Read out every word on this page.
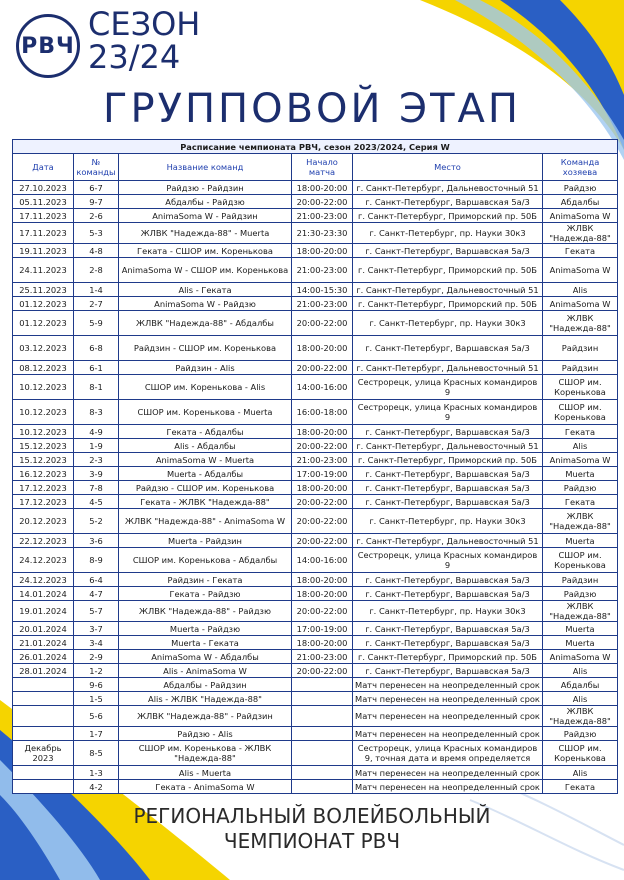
РВЧ
СЕЗОН
23/24
ГРУППОВОЙ ЭТАП
Расписание чемпионата РВЧ, сезон 2023/2024, Серия W					
Дата	№ команды	Название команд	Начало матча	Место	Команда хозяева
27.10.2023	6-7	Райдзю - Райдзин	18:00-20:00	г. Санкт-Петербург, Дальневосточный 51	Райдзю
05.11.2023	9-7	Абдалбы - Райдзю	20:00-22:00	г. Санкт-Петербург, Варшавская 5а/3	Абдалбы
17.11.2023	2-6	AnimaSoma W - Райдзин	21:00-23:00	г. Санкт-Петербург, Приморский пр. 50Б	AnimaSoma W
17.11.2023	5-3	ЖЛВК "Надежда-88" - Muerta	21:30-23:30	г. Санкт-Петербург, пр. Науки 30к3	ЖЛВК "Надежда-88"
19.11.2023	4-8	Геката - СШОР им. Коренькова	18:00-20:00	г. Санкт-Петербург, Варшавская 5а/3	Геката
24.11.2023	2-8	AnimaSoma W - СШОР им. Коренькова	21:00-23:00	г. Санкт-Петербург, Приморский пр. 50Б	AnimaSoma W
25.11.2023	1-4	Alis - Геката	14:00-15:30	г. Санкт-Петербург, Дальневосточный 51	Alis
01.12.2023	2-7	AnimaSoma W - Райдзю	21:00-23:00	г. Санкт-Петербург, Приморский пр. 50Б	AnimaSoma W
01.12.2023	5-9	ЖЛВК "Надежда-88" - Абдалбы	20:00-22:00	г. Санкт-Петербург, пр. Науки 30к3	ЖЛВК "Надежда-88"
03.12.2023	6-8	Райдзин - СШОР им. Коренькова	18:00-20:00	г. Санкт-Петербург, Варшавская 5а/3	Райдзин
08.12.2023	6-1	Райдзин - Alis	20:00-22:00	г. Санкт-Петербург, Дальневосточный 51	Райдзин
10.12.2023	8-1	СШОР им. Коренькова - Alis	14:00-16:00	Сестрорецк, улица Красных командиров 9	СШОР им. Коренькова
10.12.2023	8-3	СШОР им. Коренькова - Muerta	16:00-18:00	Сестрорецк, улица Красных командиров 9	СШОР им. Коренькова
10.12.2023	4-9	Геката - Абдалбы	18:00-20:00	г. Санкт-Петербург, Варшавская 5а/3	Геката
15.12.2023	1-9	Alis - Абдалбы	20:00-22:00	г. Санкт-Петербург, Дальневосточный 51	Alis
15.12.2023	2-3	AnimaSoma W - Muerta	21:00-23:00	г. Санкт-Петербург, Приморский пр. 50Б	AnimaSoma W
16.12.2023	3-9	Muerta - Абдалбы	17:00-19:00	г. Санкт-Петербург, Варшавская 5а/3	Muerta
17.12.2023	7-8	Райдзю - СШОР им. Коренькова	18:00-20:00	г. Санкт-Петербург, Варшавская 5а/3	Райдзю
17.12.2023	4-5	Геката - ЖЛВК "Надежда-88"	20:00-22:00	г. Санкт-Петербург, Варшавская 5а/3	Геката
20.12.2023	5-2	ЖЛВК "Надежда-88" - AnimaSoma W	20:00-22:00	г. Санкт-Петербург, пр. Науки 30к3	ЖЛВК "Надежда-88"
22.12.2023	3-6	Muerta - Райдзин	20:00-22:00	г. Санкт-Петербург, Дальневосточный 51	Muerta
24.12.2023	8-9	СШОР им. Коренькова - Абдалбы	14:00-16:00	Сестрорецк, улица Красных командиров 9	СШОР им. Коренькова
24.12.2023	6-4	Райдзин - Геката	18:00-20:00	г. Санкт-Петербург, Варшавская 5а/3	Райдзин
14.01.2024	4-7	Геката - Райдзю	18:00-20:00	г. Санкт-Петербург, Варшавская 5а/3	Райдзю
19.01.2024	5-7	ЖЛВК "Надежда-88" - Райдзю	20:00-22:00	г. Санкт-Петербург, пр. Науки 30к3	ЖЛВК "Надежда-88"
20.01.2024	3-7	Muerta - Райдзю	17:00-19:00	г. Санкт-Петербург, Варшавская 5а/3	Muerta
21.01.2024	3-4	Muerta - Геката	18:00-20:00	г. Санкт-Петербург, Варшавская 5а/3	Muerta
26.01.2024	2-9	AnimaSoma W - Абдалбы	21:00-23:00	г. Санкт-Петербург, Приморский пр. 50Б	AnimaSoma W
28.01.2024	1-2	Alis - AnimaSoma W	20:00-22:00	г. Санкт-Петербург, Варшавская 5а/3	Alis
	9-6	Абдалбы - Райдзин		Матч перенесен на неопределенный срок	Абдалбы
	1-5	Alis - ЖЛВК "Надежда-88"		Матч перенесен на неопределенный срок	Alis
	5-6	ЖЛВК "Надежда-88" - Райдзин		Матч перенесен на неопределенный срок	ЖЛВК "Надежда-88"
	1-7	Райдзю - Alis		Матч перенесен на неопределенный срок	Райдзю
Декабрь 2023	8-5	СШОР им. Коренькова - ЖЛВК "Надежда-88"		Сестрорецк, улица Красных командиров 9, точная дата и время определяется	СШОР им. Коренькова
	1-3	Alis - Muerta		Матч перенесен на неопределенный срок	Alis
	4-2	Геката - AnimaSoma W		Матч перенесен на неопределенный срок	Геката
РЕГИОНАЛЬНЫЙ ВОЛЕЙБОЛЬНЫЙ
ЧЕМПИОНАТ РВЧ
